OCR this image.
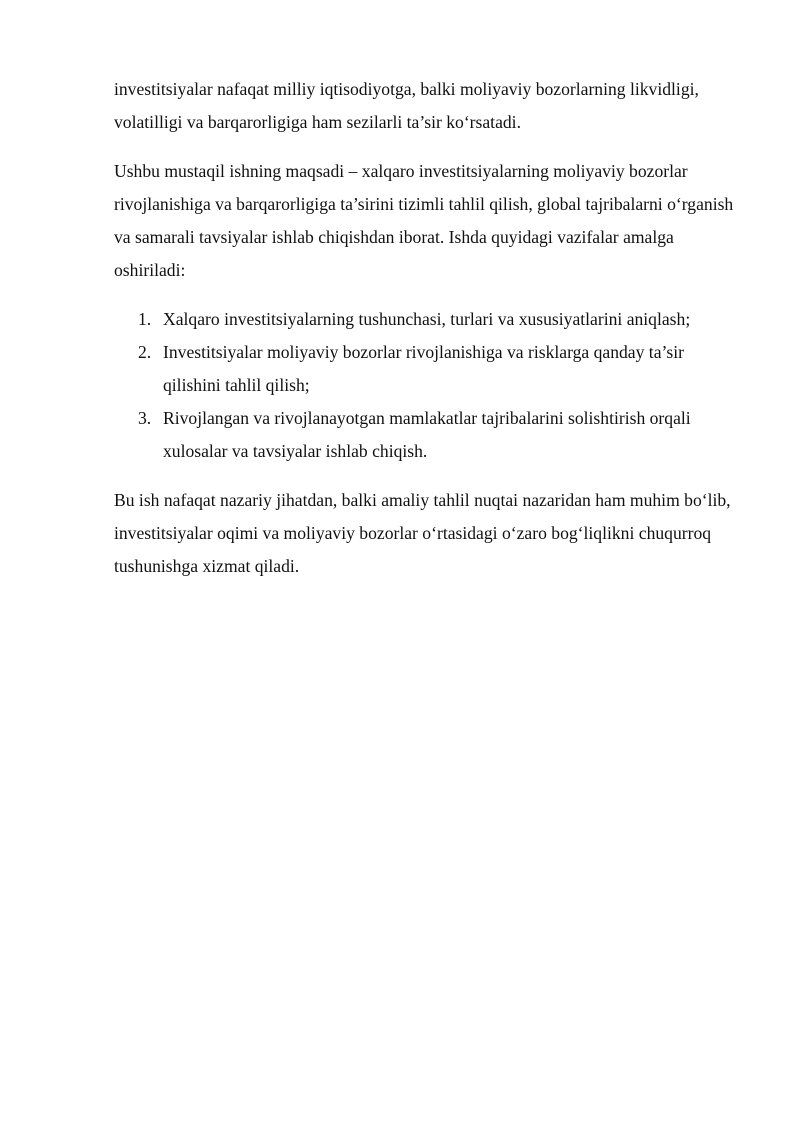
investitsiyalar nafaqat milliy iqtisodiyotga, balki moliyaviy bozorlarning likvidligi, volatilligi va barqarorligiga ham sezilarli ta’sir ko‘rsatadi.

Ushbu mustaqil ishning maqsadi – xalqaro investitsiyalarning moliyaviy bozorlar rivojlanishiga va barqarorligiga ta’sirini tizimli tahlil qilish, global tajribalarni o‘rganish va samarali tavsiyalar ishlab chiqishdan iborat. Ishda quyidagi vazifalar amalga oshiriladi:

1. Xalqaro investitsiyalarning tushunchasi, turlari va xususiyatlarini aniqlash;
2. Investitsiyalar moliyaviy bozorlar rivojlanishiga va risklarga qanday ta’sir qilishini tahlil qilish;
3. Rivojlangan va rivojlanayotgan mamlakatlar tajribalarini solishtirish orqali xulosalar va tavsiyalar ishlab chiqish.

Bu ish nafaqat nazariy jihatdan, balki amaliy tahlil nuqtai nazaridan ham muhim bo‘lib, investitsiyalar oqimi va moliyaviy bozorlar o‘rtasidagi o‘zaro bog‘liqlikni chuqurroq tushunishga xizmat qiladi.
